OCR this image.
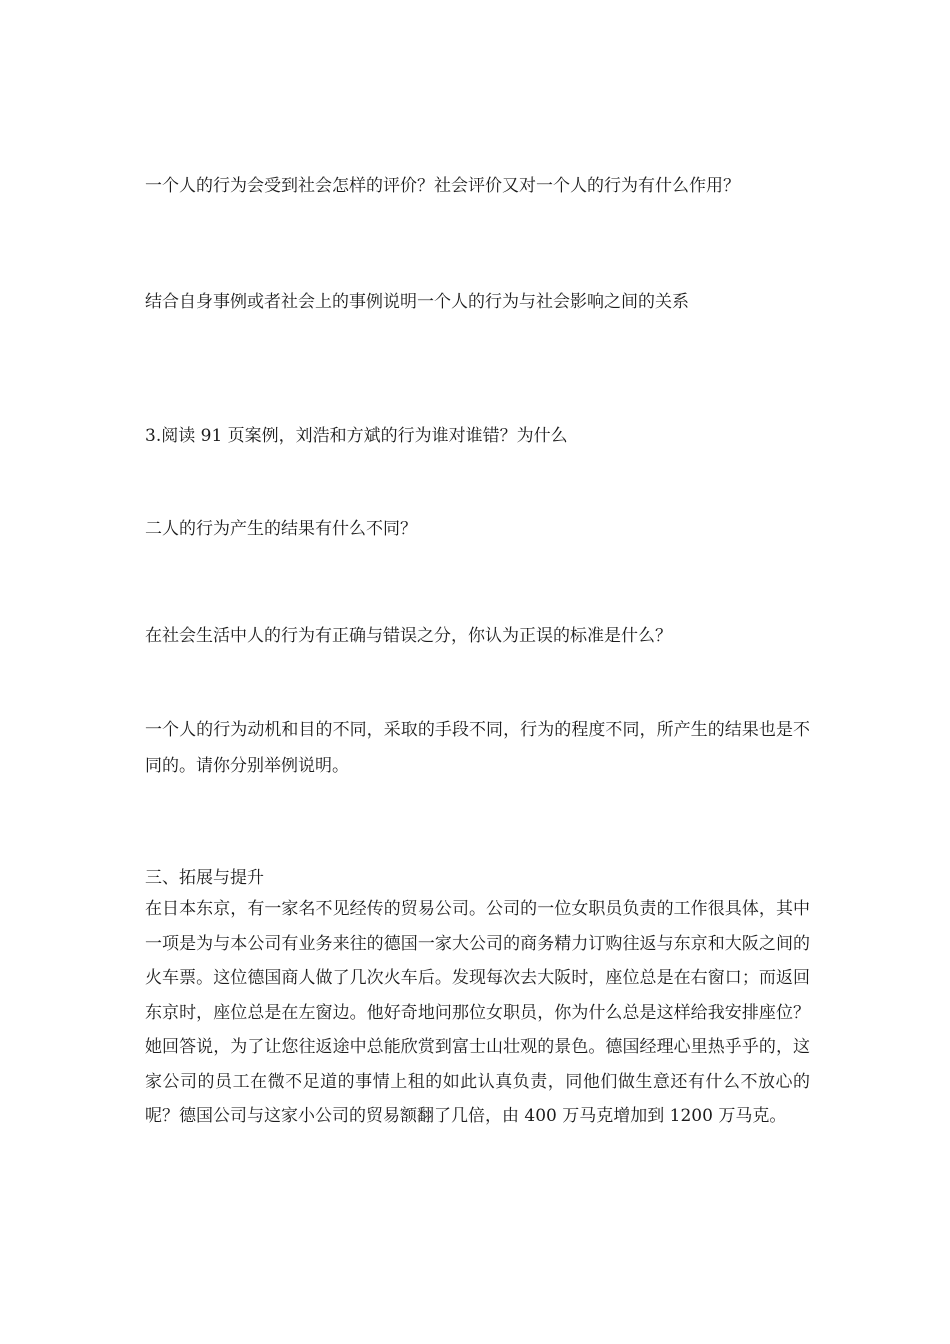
一个人的行为会受到社会怎样的评价？社会评价又对一个人的行为有什么作用？

结合自身事例或者社会上的事例说明一个人的行为与社会影响之间的关系

3.阅读 91 页案例，刘浩和方斌的行为谁对谁错？为什么

二人的行为产生的结果有什么不同？

在社会生活中人的行为有正确与错误之分，你认为正误的标准是什么？

一个人的行为动机和目的不同，采取的手段不同，行为的程度不同，所产生的结果也是不同的。请你分别举例说明。

三、拓展与提升

在日本东京，有一家名不见经传的贸易公司。公司的一位女职员负责的工作很具体，其中一项是为与本公司有业务来往的德国一家大公司的商务精力订购往返与东京和大阪之间的火车票。这位德国商人做了几次火车后。发现每次去大阪时，座位总是在右窗口；而返回东京时，座位总是在左窗边。他好奇地问那位女职员，你为什么总是这样给我安排座位？她回答说，为了让您往返途中总能欣赏到富士山壮观的景色。德国经理心里热乎乎的，这家公司的员工在微不足道的事情上租的如此认真负责，同他们做生意还有什么不放心的呢？德国公司与这家小公司的贸易额翻了几倍，由 400 万马克增加到 1200 万马克。
